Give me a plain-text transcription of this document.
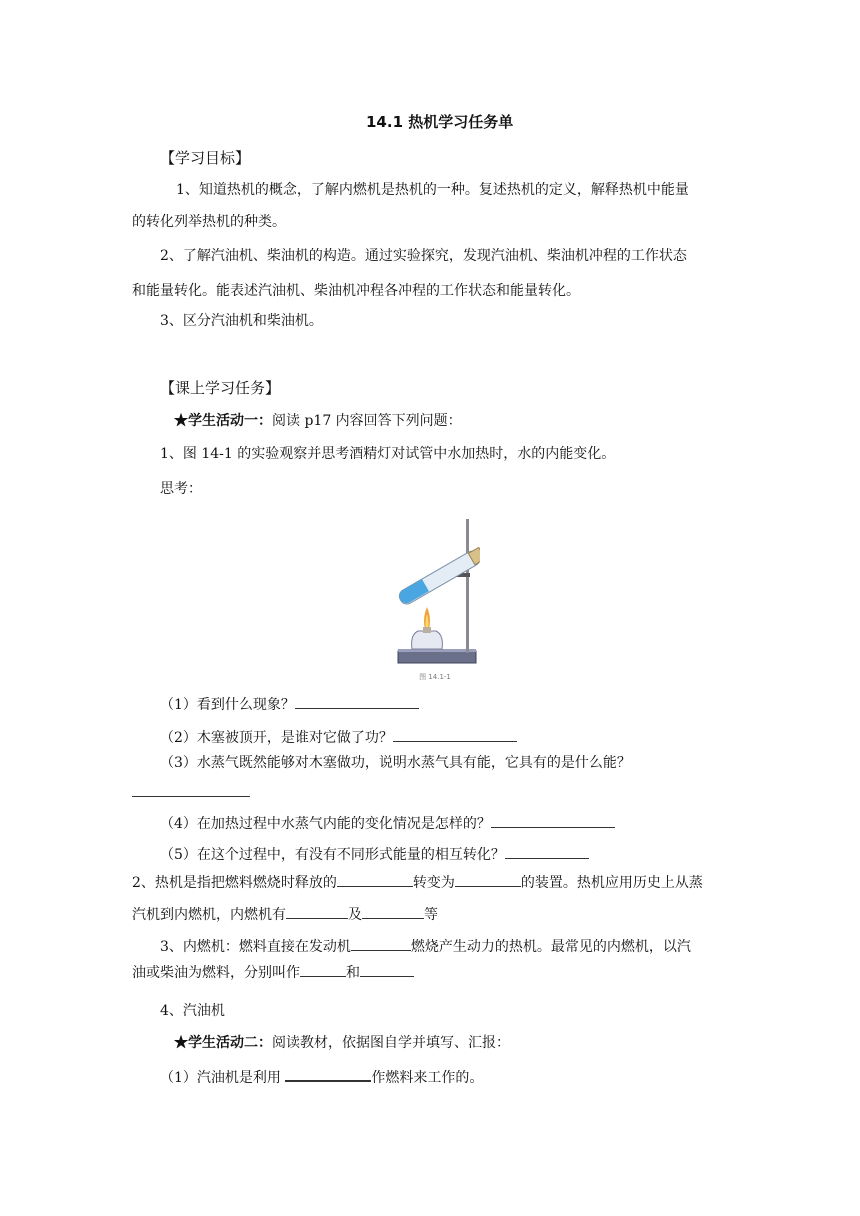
14.1 热机学习任务单
【学习目标】
1、知道热机的概念，了解内燃机是热机的一种。复述热机的定义，解释热机中能量
的转化列举热机的种类。
2、了解汽油机、柴油机的构造。通过实验探究，发现汽油机、柴油机冲程的工作状态
和能量转化。能表述汽油机、柴油机冲程各冲程的工作状态和能量转化。
3、区分汽油机和柴油机。
【课上学习任务】
★学生活动一：阅读 p17 内容回答下列问题：
1、图 14-1 的实验观察并思考酒精灯对试管中水加热时，水的内能变化。
思考：
图 14.1-1
（1）看到什么现象？
（2）木塞被顶开，是谁对它做了功？
（3）水蒸气既然能够对木塞做功，说明水蒸气具有能，它具有的是什么能？
（4）在加热过程中水蒸气内能的变化情况是怎样的？
（5）在这个过程中，有没有不同形式能量的相互转化？
2、热机是指把燃料燃烧时释放的	转变为	的装置。热机应用历史上从蒸
汽机到内燃机，内燃机有	及	等
3、内燃机：燃料直接在发动机	燃烧产生动力的热机。最常见的内燃机，以汽
油或柴油为燃料，分别叫作	和
4、汽油机
★学生活动二：阅读教材，依据图自学并填写、汇报：
（1）汽油机是利用	作燃料来工作的。
